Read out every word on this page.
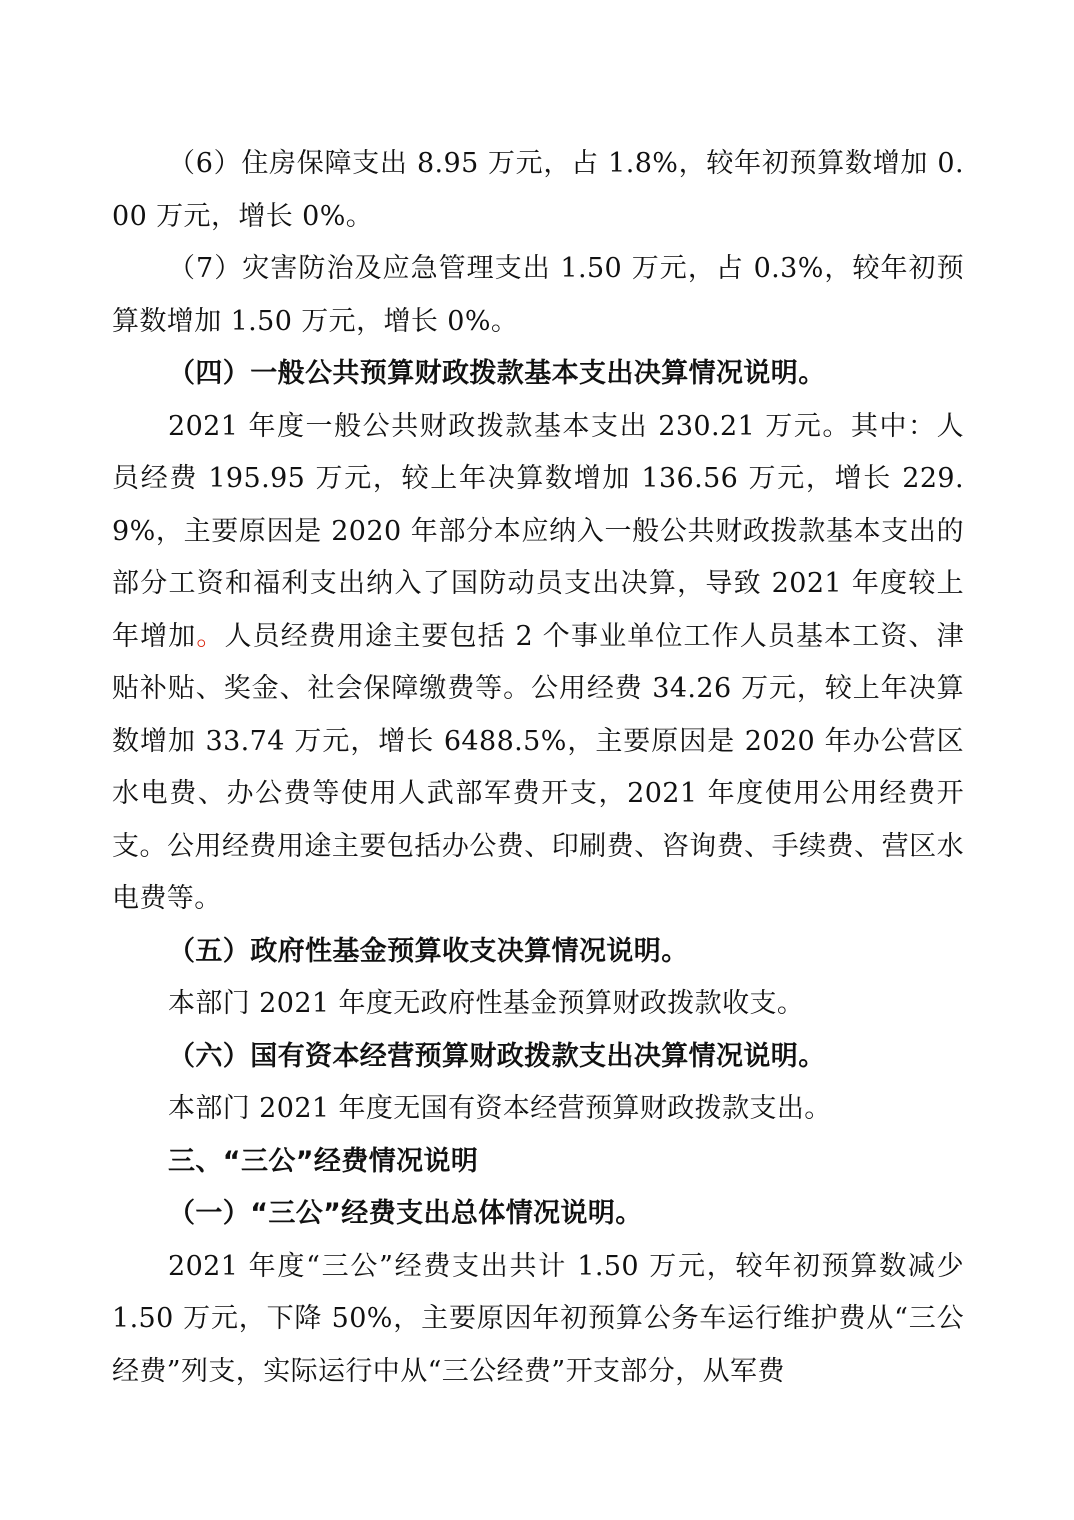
（6）住房保障支出 8.95 万元，占 1.8%，较年初预算数增加 0.00 万元，增长 0%。

（7）灾害防治及应急管理支出 1.50 万元，占 0.3%，较年初预算数增加 1.50 万元，增长 0%。

（四）一般公共预算财政拨款基本支出决算情况说明。

2021 年度一般公共财政拨款基本支出 230.21 万元。其中：人员经费 195.95 万元，较上年决算数增加 136.56 万元，增长 229.9%，主要原因是 2020 年部分本应纳入一般公共财政拨款基本支出的部分工资和福利支出纳入了国防动员支出决算，导致 2021 年度较上年增加。人员经费用途主要包括 2 个事业单位工作人员基本工资、津贴补贴、奖金、社会保障缴费等。公用经费 34.26 万元，较上年决算数增加 33.74 万元，增长 6488.5%，主要原因是 2020 年办公营区水电费、办公费等使用人武部军费开支，2021 年度使用公用经费开支。公用经费用途主要包括办公费、印刷费、咨询费、手续费、营区水电费等。

（五）政府性基金预算收支决算情况说明。

本部门 2021 年度无政府性基金预算财政拨款收支。

（六）国有资本经营预算财政拨款支出决算情况说明。

本部门 2021 年度无国有资本经营预算财政拨款支出。

三、“三公”经费情况说明

（一）“三公”经费支出总体情况说明。

2021 年度“三公”经费支出共计 1.50 万元，较年初预算数减少 1.50 万元，下降 50%，主要原因年初预算公务车运行维护费从“三公经费”列支，实际运行中从“三公经费”开支部分，从军费
